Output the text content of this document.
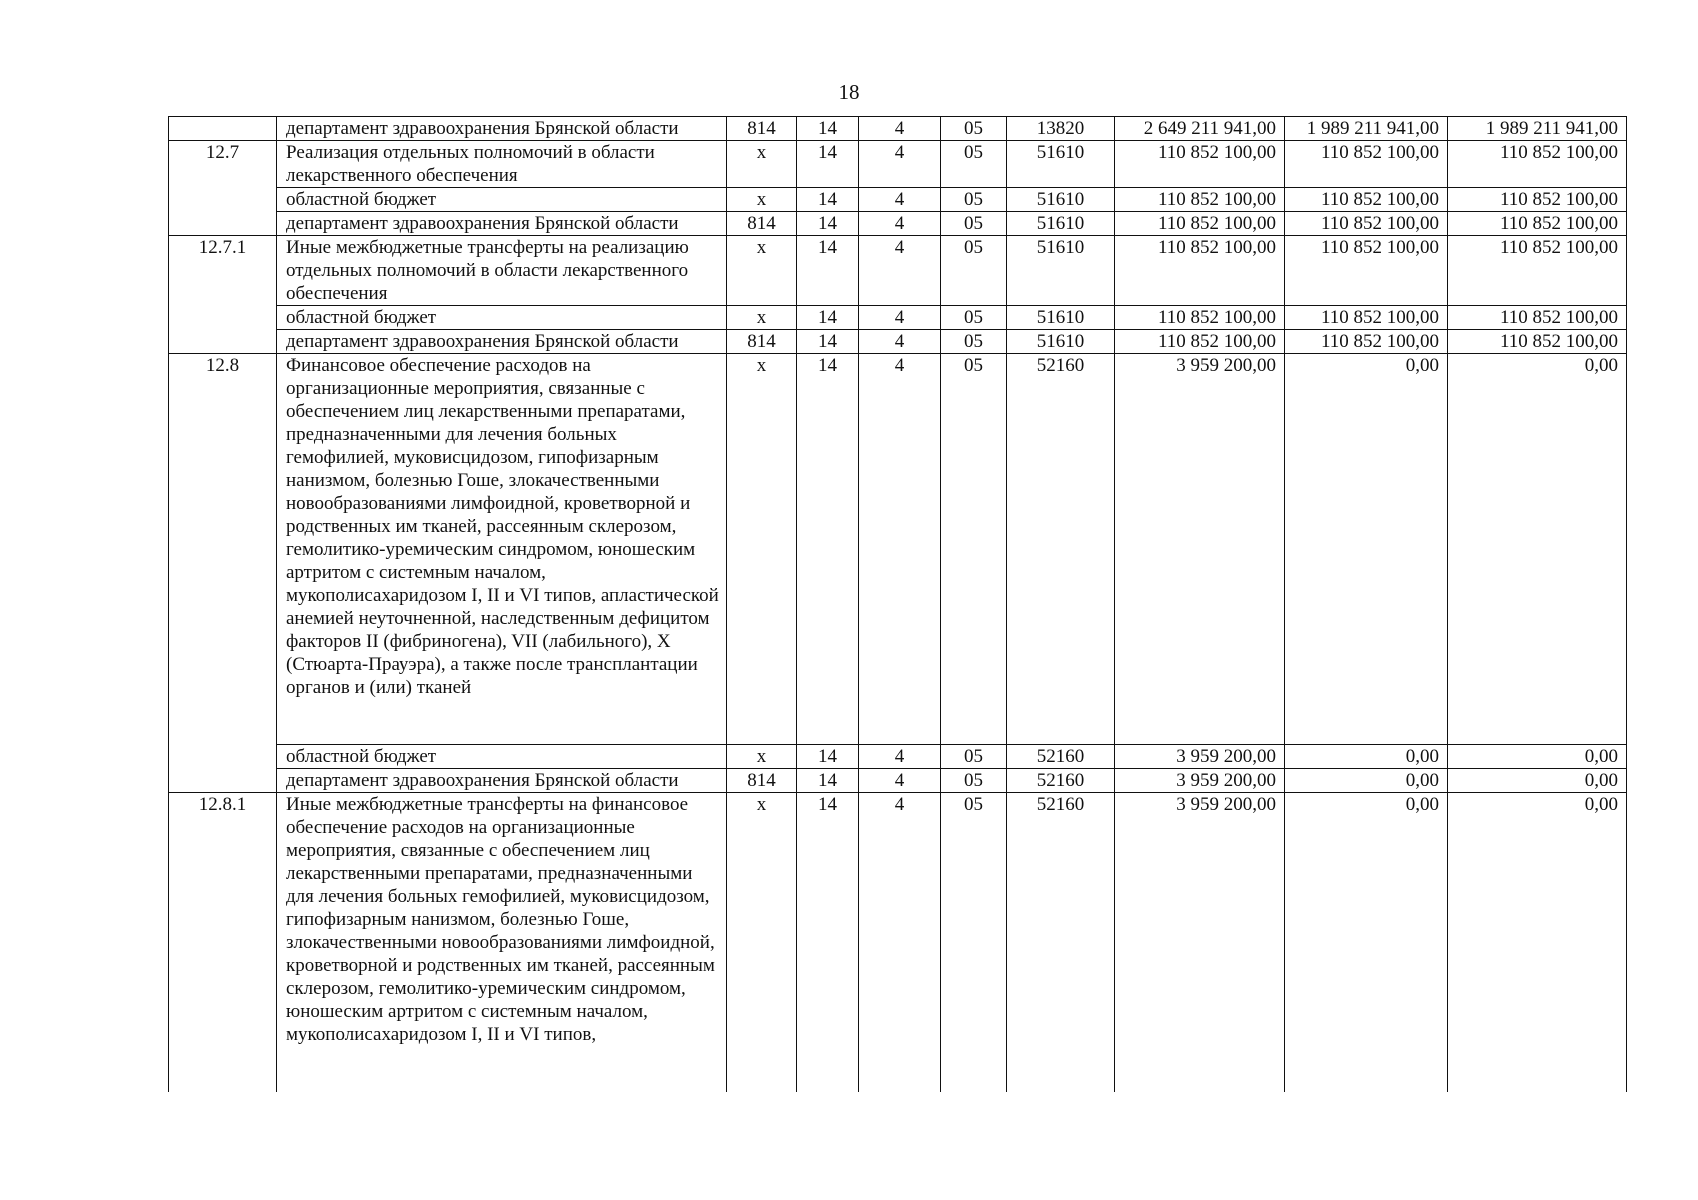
18
	департамент здравоохранения Брянской области	814	14	4	05	13820	2 649 211 941,00	1 989 211 941,00	1 989 211 941,00
12.7	Реализация отдельных полномочий в области лекарственного обеспечения	х	14	4	05	51610	110 852 100,00	110 852 100,00	110 852 100,00
	областной бюджет	х	14	4	05	51610	110 852 100,00	110 852 100,00	110 852 100,00
	департамент здравоохранения Брянской области	814	14	4	05	51610	110 852 100,00	110 852 100,00	110 852 100,00
12.7.1	Иные межбюджетные трансферты на реализацию отдельных полномочий в области лекарственного обеспечения	х	14	4	05	51610	110 852 100,00	110 852 100,00	110 852 100,00
	областной бюджет	х	14	4	05	51610	110 852 100,00	110 852 100,00	110 852 100,00
	департамент здравоохранения Брянской области	814	14	4	05	51610	110 852 100,00	110 852 100,00	110 852 100,00
12.8	Финансовое обеспечение расходов на организационные мероприятия, связанные с обеспечением лиц лекарственными препаратами, предназначенными для лечения больных гемофилией, муковисцидозом, гипофизарным нанизмом, болезнью Гоше, злокачественными новообразованиями лимфоидной, кроветворной и родственных им тканей, рассеянным склерозом, гемолитико-уремическим синдромом, юношеским артритом с системным началом, мукополисахаридозом I, II и VI типов, апластической анемией неуточненной, наследственным дефицитом факторов II (фибриногена), VII (лабильного), X (Стюарта-Прауэра), а также после трансплантации органов и (или) тканей	х	14	4	05	52160	3 959 200,00	0,00	0,00
	областной бюджет	х	14	4	05	52160	3 959 200,00	0,00	0,00
	департамент здравоохранения Брянской области	814	14	4	05	52160	3 959 200,00	0,00	0,00
12.8.1	Иные межбюджетные трансферты на финансовое обеспечение расходов на организационные мероприятия, связанные с обеспечением лиц лекарственными препаратами, предназначенными для лечения больных гемофилией, муковисцидозом, гипофизарным нанизмом, болезнью Гоше, злокачественными новообразованиями лимфоидной, кроветворной и родственных им тканей, рассеянным склерозом, гемолитико-уремическим синдромом, юношеским артритом с системным началом, мукополисахаридозом I, II и VI типов,	х	14	4	05	52160	3 959 200,00	0,00	0,00
